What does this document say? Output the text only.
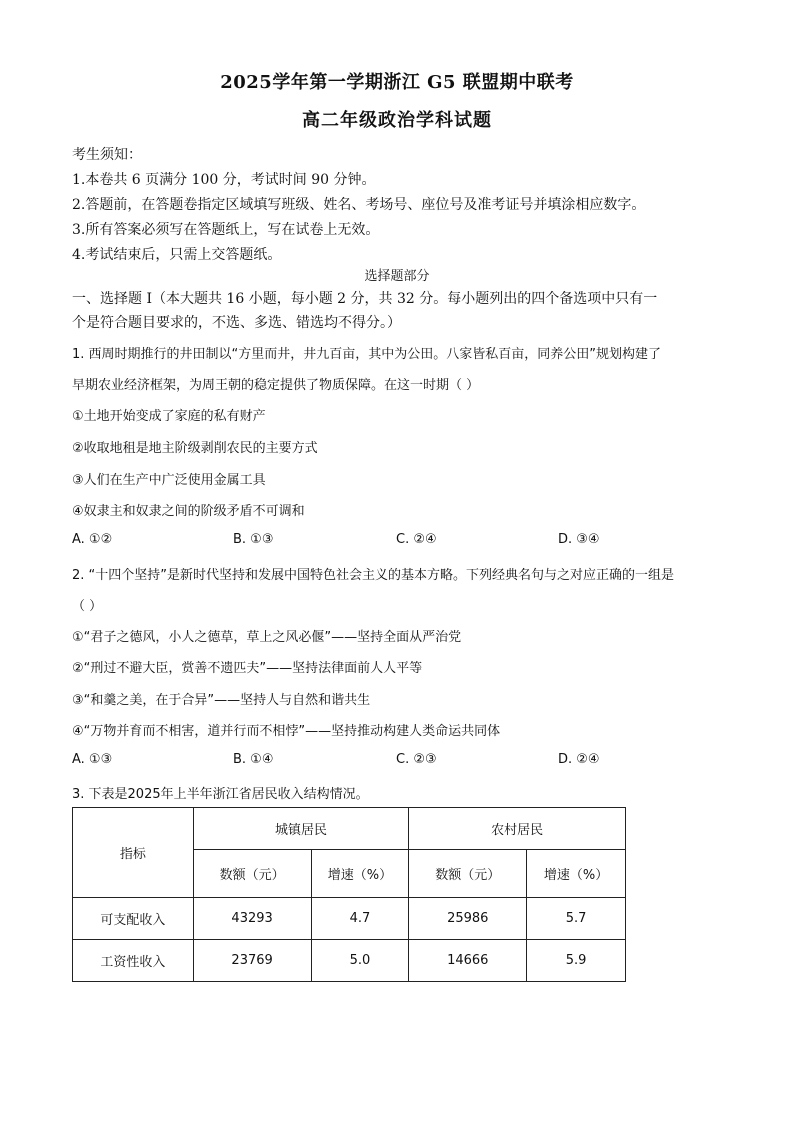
2025学年第一学期浙江 G5 联盟期中联考
高二年级政治学科试题
考生须知：
1.本卷共 6 页满分 100 分，考试时间 90 分钟。
2.答题前，在答题卷指定区域填写班级、姓名、考场号、座位号及准考证号并填涂相应数字。
3.所有答案必须写在答题纸上，写在试卷上无效。
4.考试结束后，只需上交答题纸。
选择题部分
一、选择题 I（本大题共 16 小题，每小题 2 分，共 32 分。每小题列出的四个备选项中只有一
个是符合题目要求的，不选、多选、错选均不得分。）
1. 西周时期推行的井田制以“方里而井，井九百亩，其中为公田。八家皆私百亩，同养公田”规划构建了
早期农业经济框架，为周王朝的稳定提供了物质保障。在这一时期（ ）
①土地开始变成了家庭的私有财产
②收取地租是地主阶级剥削农民的主要方式
③人们在生产中广泛使用金属工具
④奴隶主和奴隶之间的阶级矛盾不可调和
A. ①②	B. ①③	C. ②④	D. ③④
2. “十四个坚持”是新时代坚持和发展中国特色社会主义的基本方略。下列经典名句与之对应正确的一组是
（ ）
①“君子之德风，小人之德草，草上之风必偃”——坚持全面从严治党
②“刑过不避大臣，赏善不遗匹夫”——坚持法律面前人人平等
③“和羹之美，在于合异”——坚持人与自然和谐共生
④“万物并育而不相害，道并行而不相悖”——坚持推动构建人类命运共同体
A. ①③	B. ①④	C. ②③	D. ②④
3. 下表是2025年上半年浙江省居民收入结构情况。
指标	城镇居民		农村居民	
	数额（元）	增速（%）	数额（元）	增速（%）
可支配收入	43293	4.7	25986	5.7
工资性收入	23769	5.0	14666	5.9
